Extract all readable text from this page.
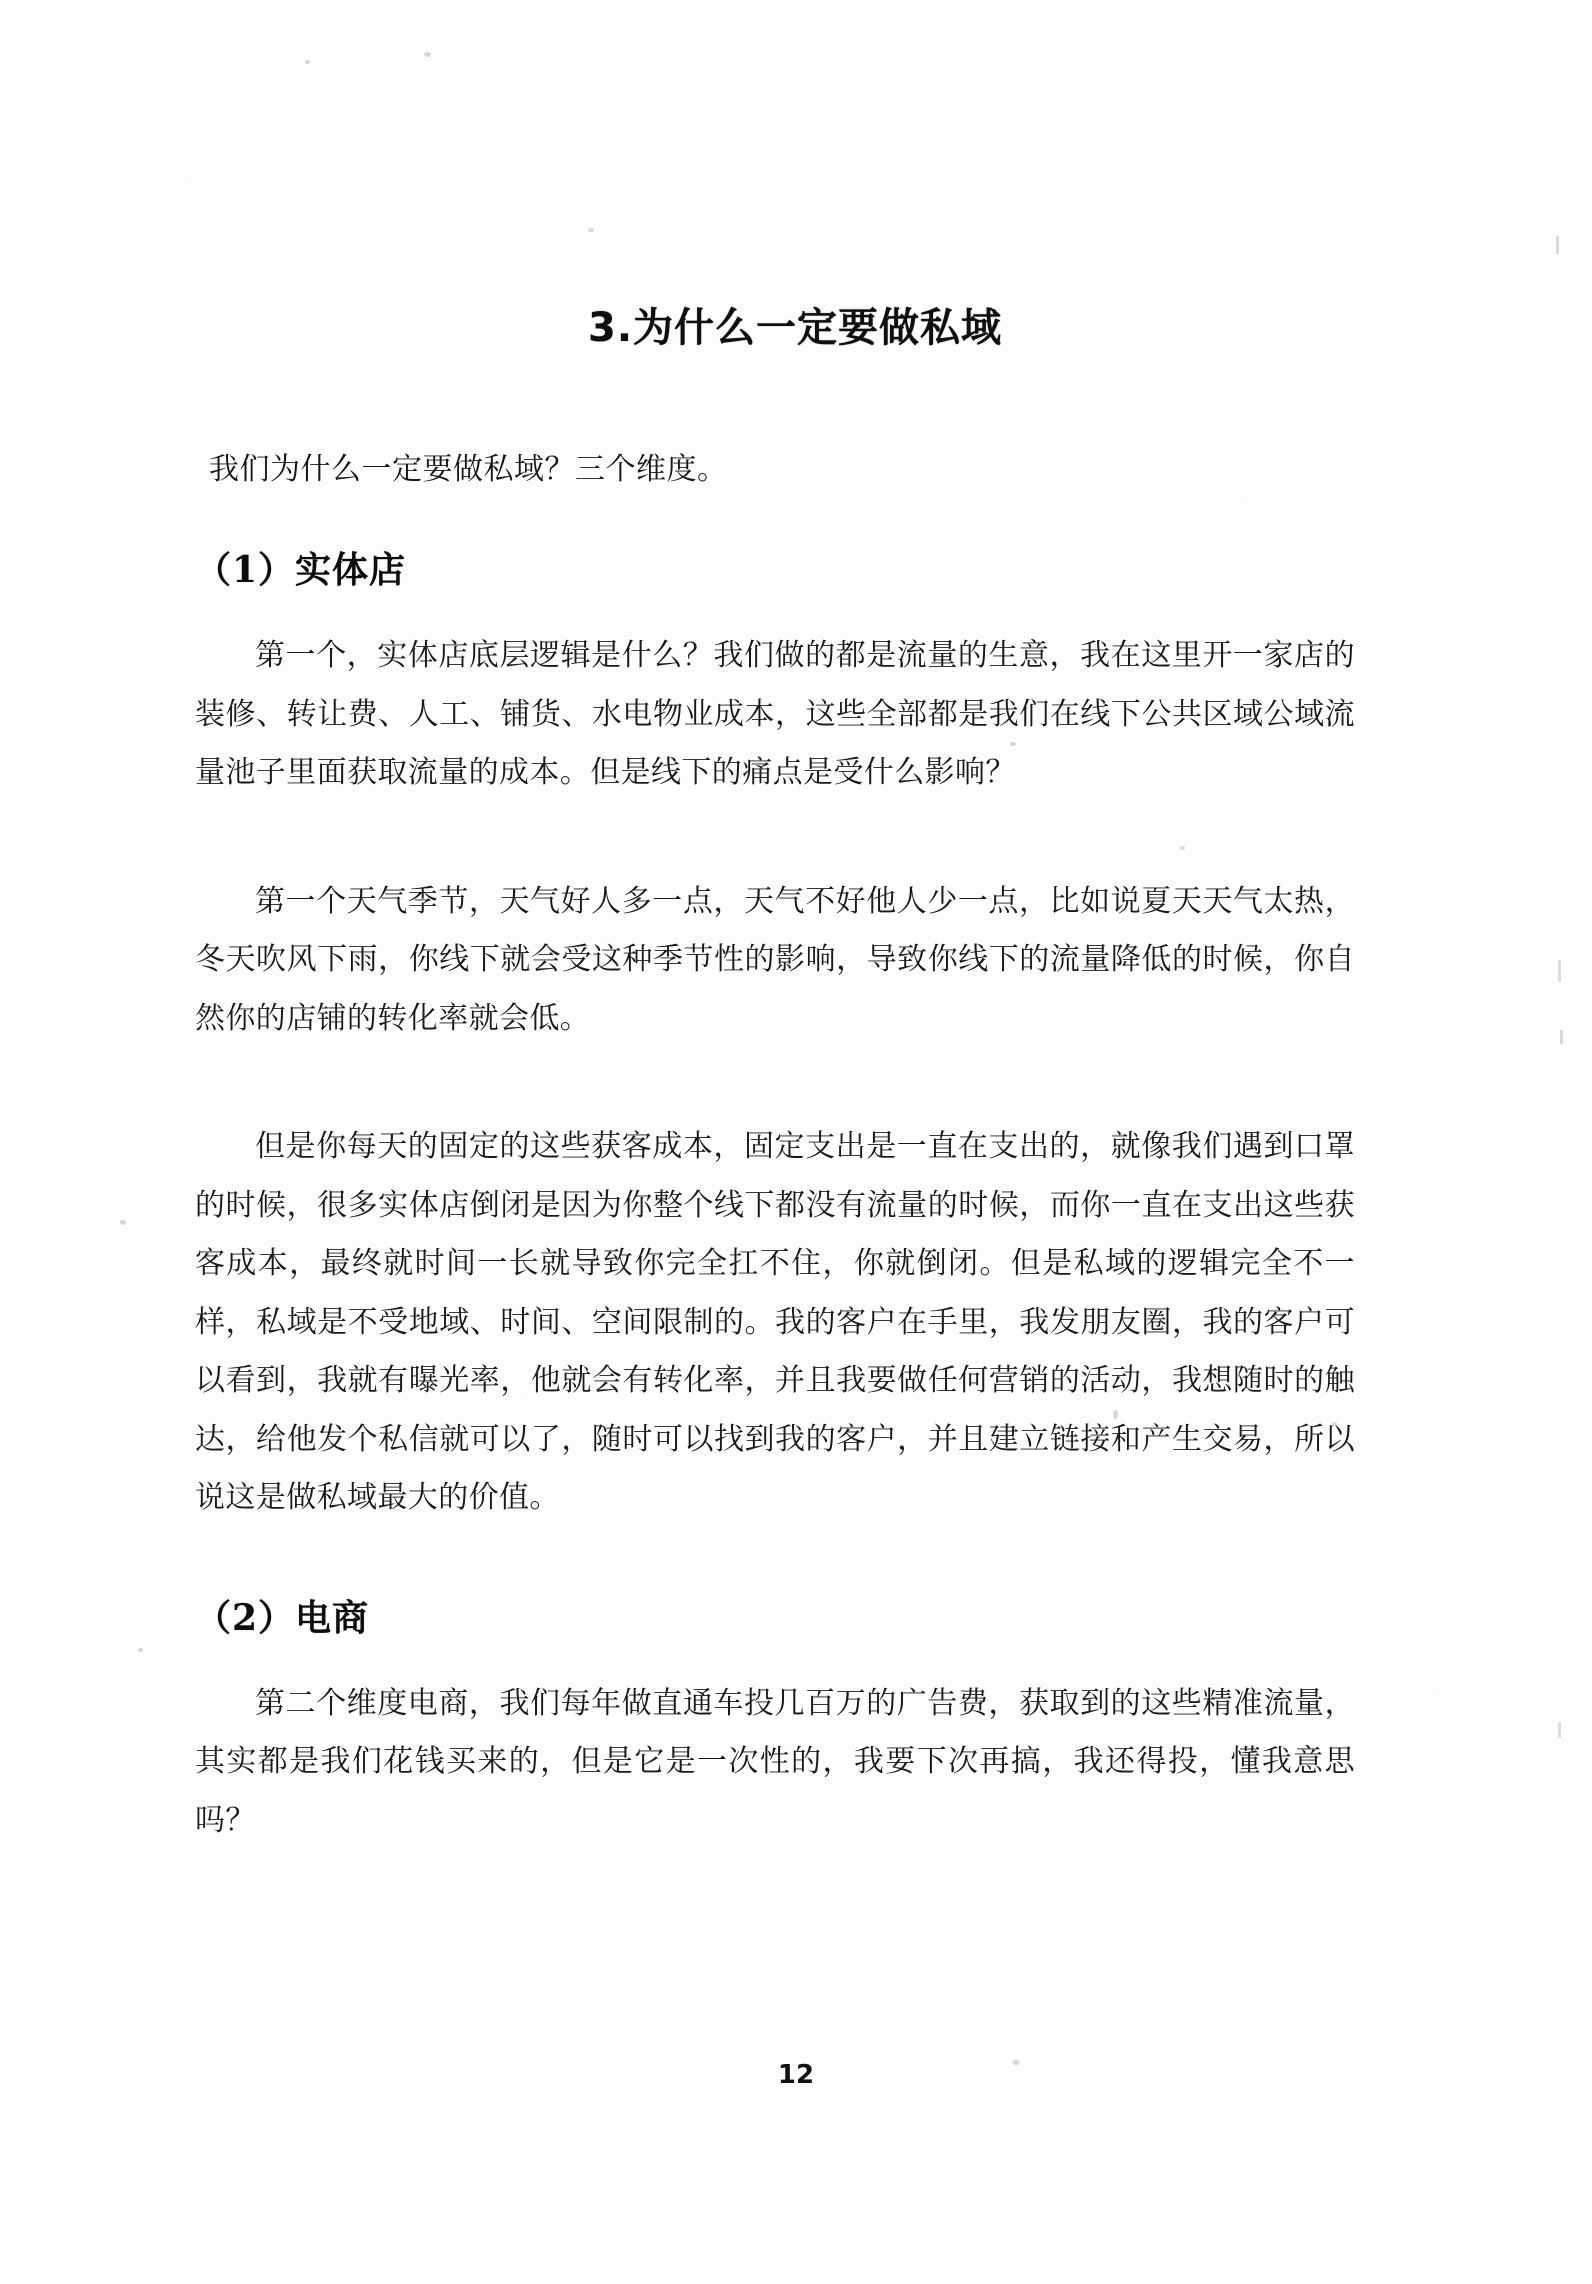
3.为什么一定要做私域

我们为什么一定要做私域？三个维度。

（1）实体店

第一个，实体店底层逻辑是什么？我们做的都是流量的生意，我在这里开一家店的装修、转让费、人工、铺货、水电物业成本，这些全部都是我们在线下公共区域公域流量池子里面获取流量的成本。但是线下的痛点是受什么影响？

第一个天气季节，天气好人多一点，天气不好他人少一点，比如说夏天天气太热，冬天吹风下雨，你线下就会受这种季节性的影响，导致你线下的流量降低的时候，你自然你的店铺的转化率就会低。

但是你每天的固定的这些获客成本，固定支出是一直在支出的，就像我们遇到口罩的时候，很多实体店倒闭是因为你整个线下都没有流量的时候，而你一直在支出这些获客成本，最终就时间一长就导致你完全扛不住，你就倒闭。但是私域的逻辑完全不一样，私域是不受地域、时间、空间限制的。我的客户在手里，我发朋友圈，我的客户可以看到，我就有曝光率，他就会有转化率，并且我要做任何营销的活动，我想随时的触达，给他发个私信就可以了，随时可以找到我的客户，并且建立链接和产生交易，所以说这是做私域最大的价值。

（2）电商

第二个维度电商，我们每年做直通车投几百万的广告费，获取到的这些精准流量，其实都是我们花钱买来的，但是它是一次性的，我要下次再搞，我还得投，懂我意思吗？

12
